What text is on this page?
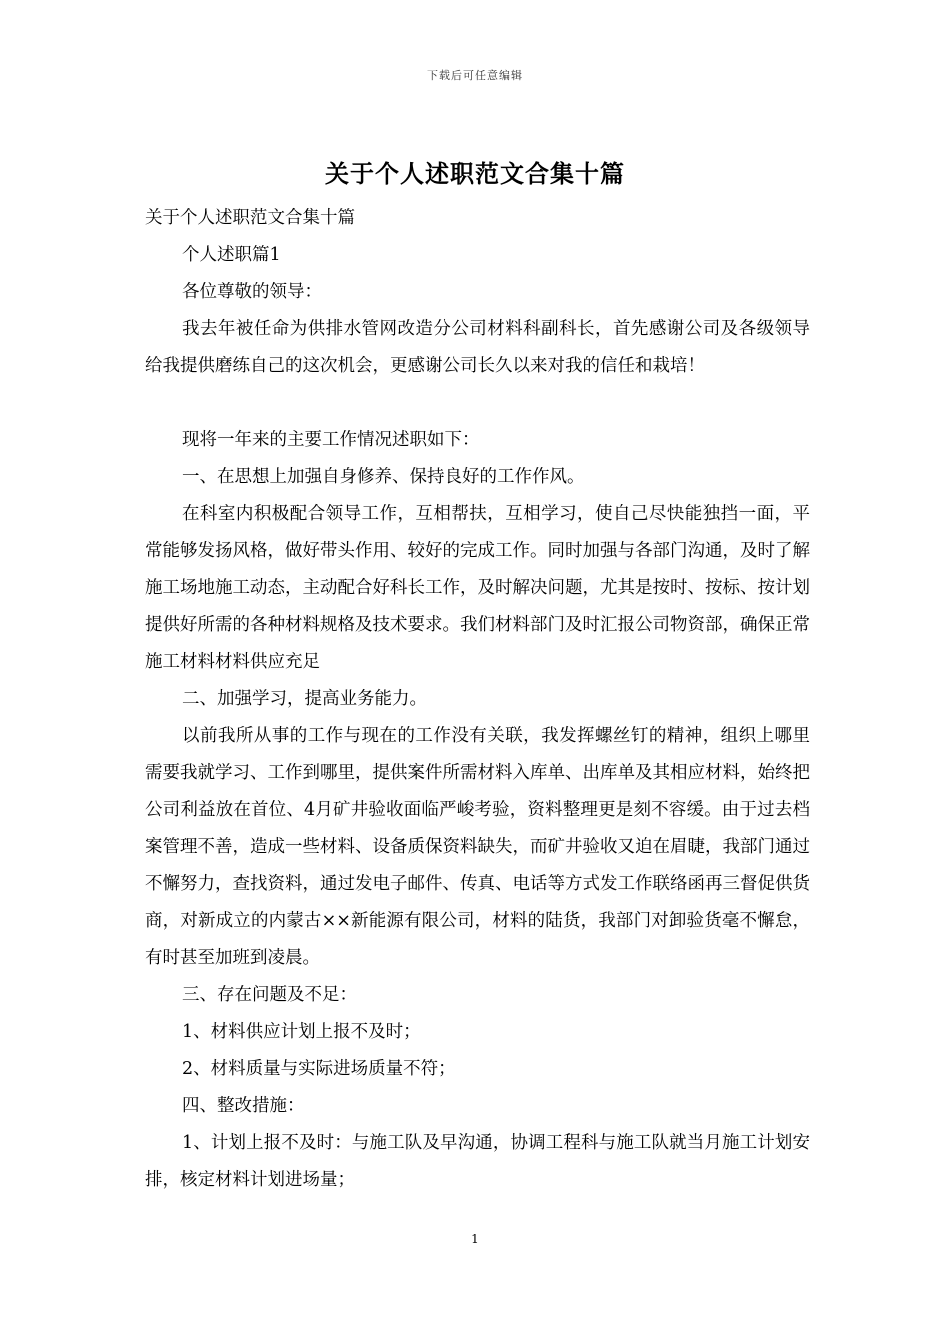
下载后可任意编辑
关于个人述职范文合集十篇

关于个人述职范文合集十篇

个人述职篇1

各位尊敬的领导：

我去年被任命为供排水管网改造分公司材料科副科长，首先感谢公司及各级领导给我提供磨练自己的这次机会，更感谢公司长久以来对我的信任和栽培！

现将一年来的主要工作情况述职如下：

一、在思想上加强自身修养、保持良好的工作作风。

在科室内积极配合领导工作，互相帮扶，互相学习，使自己尽快能独挡一面，平常能够发扬风格，做好带头作用、较好的完成工作。同时加强与各部门沟通，及时了解施工场地施工动态，主动配合好科长工作，及时解决问题，尤其是按时、按标、按计划提供好所需的各种材料规格及技术要求。我们材料部门及时汇报公司物资部，确保正常施工材料材料供应充足

二、加强学习，提高业务能力。

以前我所从事的工作与现在的工作没有关联，我发挥螺丝钉的精神，组织上哪里需要我就学习、工作到哪里，提供案件所需材料入库单、出库单及其相应材料，始终把公司利益放在首位、4月矿井验收面临严峻考验，资料整理更是刻不容缓。由于过去档案管理不善，造成一些材料、设备质保资料缺失，而矿井验收又迫在眉睫，我部门通过不懈努力，查找资料，通过发电子邮件、传真、电话等方式发工作联络函再三督促供货商，对新成立的内蒙古××新能源有限公司，材料的陆货，我部门对卸验货毫不懈怠，有时甚至加班到凌晨。

三、存在问题及不足：

1、材料供应计划上报不及时；

2、材料质量与实际进场质量不符；

四、整改措施：

1、计划上报不及时：与施工队及早沟通，协调工程科与施工队就当月施工计划安排，核定材料计划进场量；

1
